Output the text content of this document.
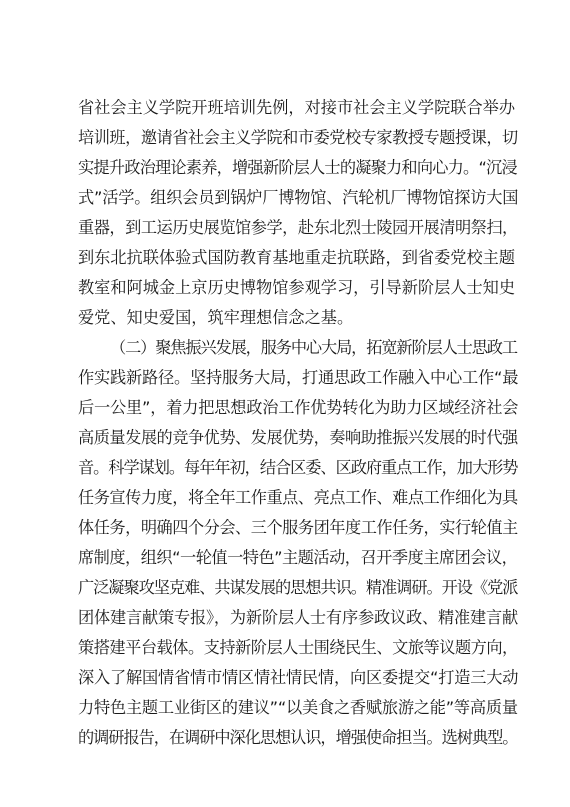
省社会主义学院开班培训先例，对接市社会主义学院联合举办
培训班，邀请省社会主义学院和市委党校专家教授专题授课，切
实提升政治理论素养，增强新阶层人士的凝聚力和向心力。“沉浸
式”活学。组织会员到锅炉厂博物馆、汽轮机厂博物馆探访大国
重器，到工运历史展览馆参学，赴东北烈士陵园开展清明祭扫，
到东北抗联体验式国防教育基地重走抗联路，到省委党校主题
教室和阿城金上京历史博物馆参观学习，引导新阶层人士知史
爱党、知史爱国，筑牢理想信念之基。
（二）聚焦振兴发展，服务中心大局，拓宽新阶层人士思政工
作实践新路径。坚持服务大局，打通思政工作融入中心工作“最
后一公里”，着力把思想政治工作优势转化为助力区域经济社会
高质量发展的竞争优势、发展优势，奏响助推振兴发展的时代强
音。科学谋划。每年年初，结合区委、区政府重点工作，加大形势
任务宣传力度，将全年工作重点、亮点工作、难点工作细化为具
体任务，明确四个分会、三个服务团年度工作任务，实行轮值主
席制度，组织“一轮值一特色”主题活动，召开季度主席团会议，
广泛凝聚攻坚克难、共谋发展的思想共识。精准调研。开设《党派
团体建言献策专报》，为新阶层人士有序参政议政、精准建言献
策搭建平台载体。支持新阶层人士围绕民生、文旅等议题方向，
深入了解国情省情市情区情社情民情，向区委提交“打造三大动
力特色主题工业街区的建议”“以美食之香赋旅游之能”等高质量
的调研报告，在调研中深化思想认识，增强使命担当。选树典型。
